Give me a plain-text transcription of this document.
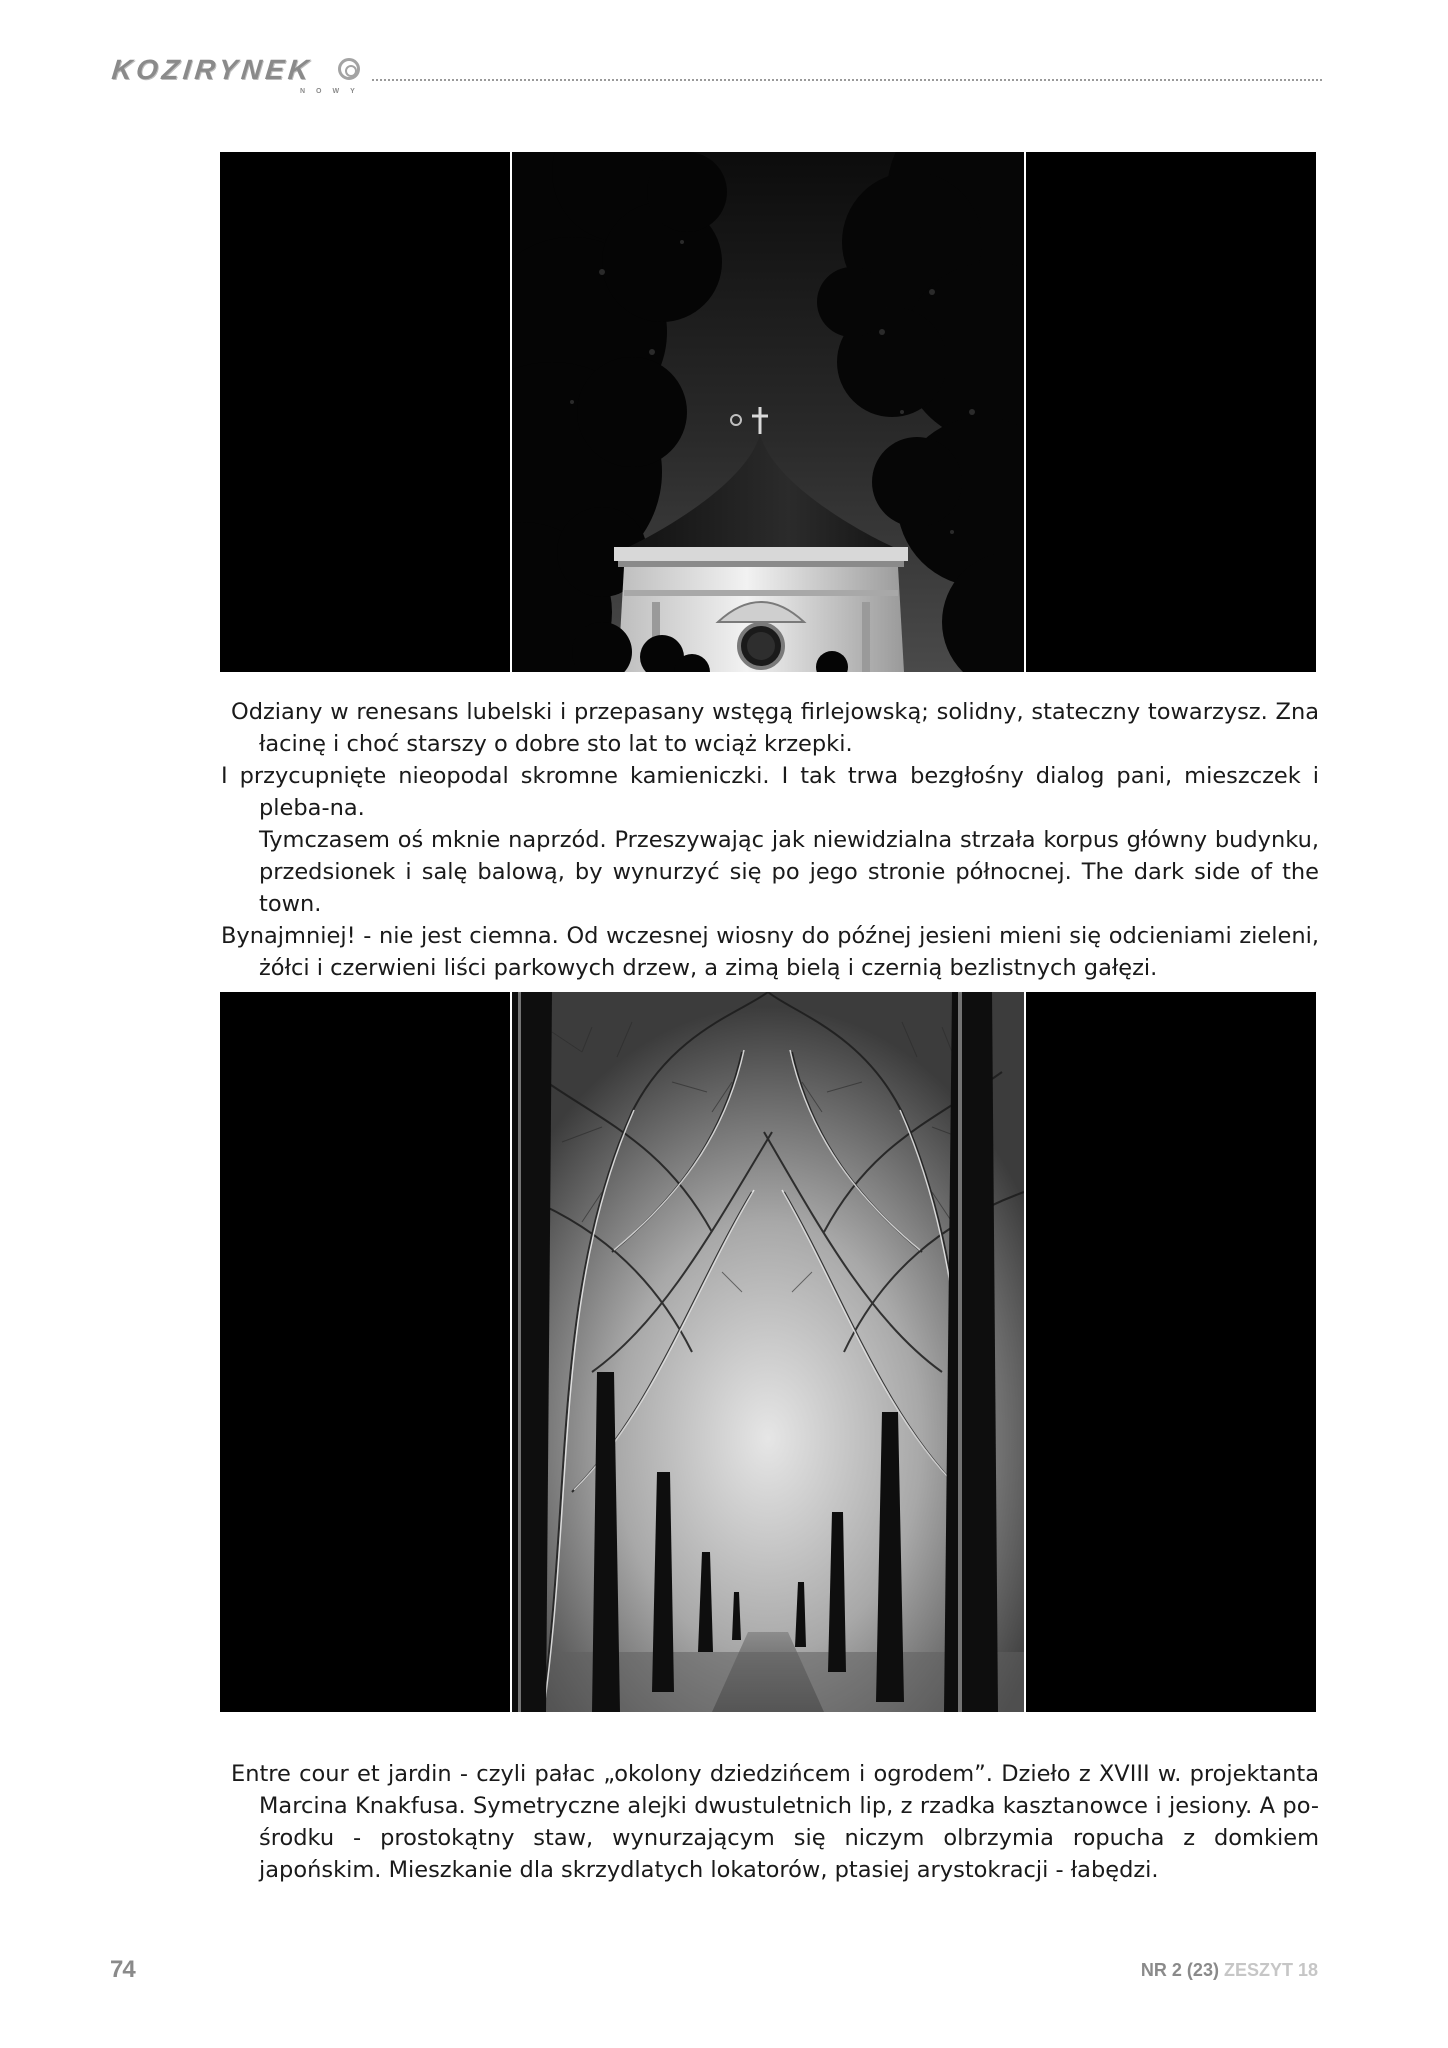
KOZIRYNEK
NOWY

Odziany w renesans lubelski i przepasany wstęgą firlejowską; solidny, stateczny towarzysz. Zna łacinę i choć starszy o dobre sto lat to wciąż krzepki.

I przycupnięte nieopodal skromne kamieniczki. I tak trwa bezgłośny dialog pani, mieszczek i pleba-na.

Tymczasem oś mknie naprzód. Przeszywając jak niewidzialna strzała korpus główny budynku, przedsionek i salę balową, by wynurzyć się po jego stronie północnej. The dark side of the town.

Bynajmniej! - nie jest ciemna. Od wczesnej wiosny do późnej jesieni mieni się odcieniami zieleni, żółci i czerwieni liści parkowych drzew, a zimą bielą i czernią bezlistnych gałęzi.

Entre cour et jardin - czyli pałac „okolony dziedzińcem i ogrodem”. Dzieło z XVIII w. projektanta Marcina Knakfusa. Symetryczne alejki dwustuletnich lip, z rzadka kasztanowce i jesiony. A po-środku - prostokątny staw, wynurzającym się niczym olbrzymia ropucha z domkiem japońskim. Mieszkanie dla skrzydlatych lokatorów, ptasiej arystokracji - łabędzi.

74	NR 2 (23) ZESZYT 18
